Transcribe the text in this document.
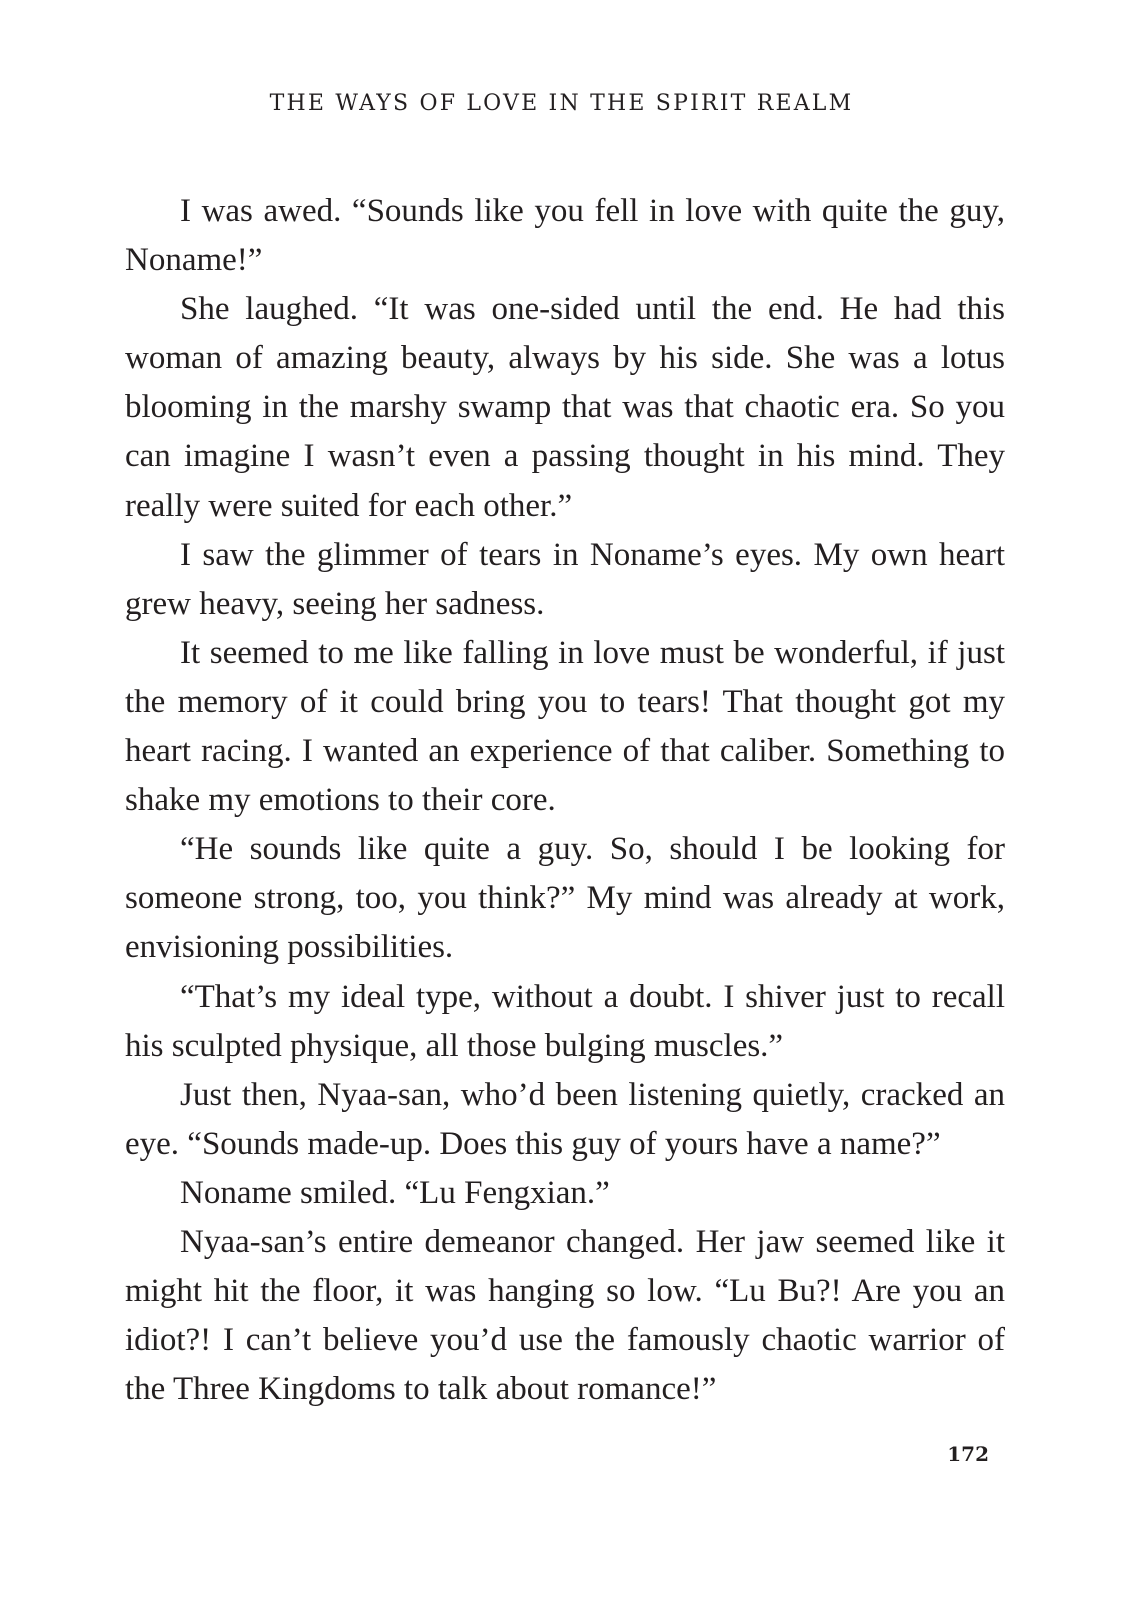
THE WAYS OF LOVE IN THE SPIRIT REALM

I was awed. “Sounds like you fell in love with quite the guy, Noname!”

She laughed. “It was one-sided until the end. He had this woman of amazing beauty, always by his side. She was a lotus blooming in the marshy swamp that was that chaotic era. So you can imagine I wasn’t even a passing thought in his mind. They really were suited for each other.”

I saw the glimmer of tears in Noname’s eyes. My own heart grew heavy, seeing her sadness.

It seemed to me like falling in love must be wonderful, if just the memory of it could bring you to tears! That thought got my heart racing. I wanted an experience of that caliber. Something to shake my emotions to their core.

“He sounds like quite a guy. So, should I be looking for someone strong, too, you think?” My mind was already at work, envisioning possibilities.

“That’s my ideal type, without a doubt. I shiver just to recall his sculpted physique, all those bulging muscles.”

Just then, Nyaa-san, who’d been listening quietly, cracked an eye. “Sounds made-up. Does this guy of yours have a name?”

Noname smiled. “Lu Fengxian.”

Nyaa-san’s entire demeanor changed. Her jaw seemed like it might hit the floor, it was hanging so low. “Lu Bu?! Are you an idiot?! I can’t believe you’d use the famously chaotic warrior of the Three Kingdoms to talk about romance!”

172
